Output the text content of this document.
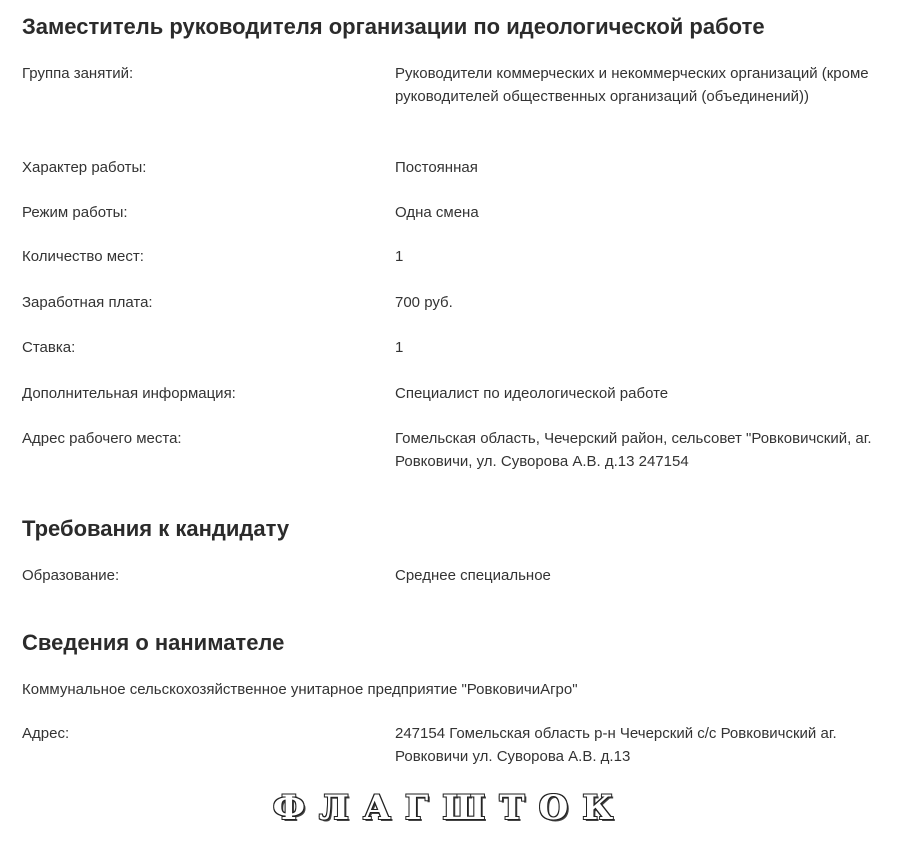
Заместитель руководителя организации по идеологической работе
Группа занятий:	Руководители коммерческих и некоммерческих организаций (кроме руководителей общественных организаций (объединений))
Характер работы:	Постоянная
Режим работы:	Одна смена
Количество мест:	1
Заработная плата:	700 руб.
Ставка:	1
Дополнительная информация:	Специалист по идеологической работе
Адрес рабочего места:	Гомельская область, Чечерский район, сельсовет "Ровковичский, аг. Ровковичи, ул. Суворова А.В. д.13 247154
Требования к кандидату
Образование:	Среднее специальное
Сведения о нанимателе
Коммунальное сельскохозяйственное унитарное предприятие "РовковичиАгро"
Адрес:	247154 Гомельская область р-н Чечерский с/с Ровковичский аг. Ровковичи ул. Суворова А.В. д.13
ФЛАГШТОК
